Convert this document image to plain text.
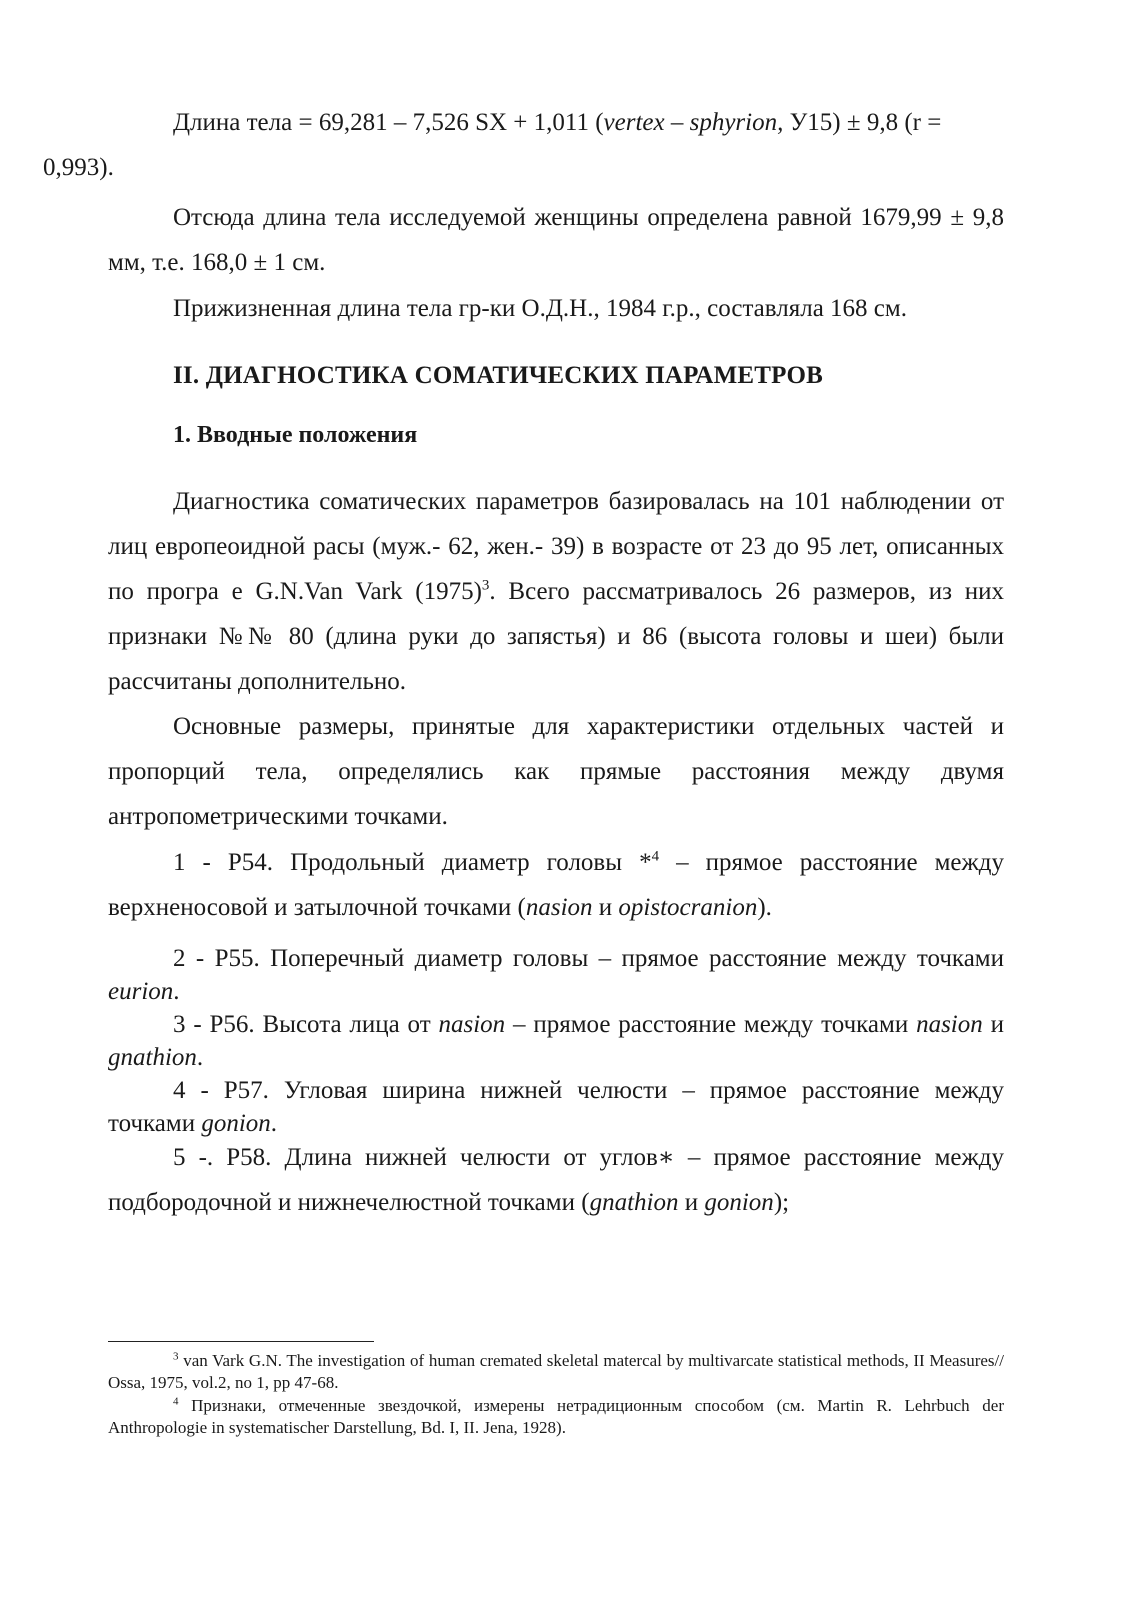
Длина тела = 69,281 – 7,526 SX + 1,011 (vertex – sphyrion, У15) ± 9,8 (r =
0,993).

Отсюда длина тела исследуемой женщины определена равной 1679,99 ± 9,8 мм, т.е. 168,0 ± 1 см.

Прижизненная длина тела гр-ки О.Д.Н., 1984 г.р., составляла 168 см.

II. ДИАГНОСТИКА СОМАТИЧЕСКИХ ПАРАМЕТРОВ
1. Вводные положения

Диагностика соматических параметров базировалась на 101 наблюдении от лиц европеоидной расы (муж.- 62, жен.- 39) в возрасте от 23 до 95 лет, описанных по програ е G.N.Van Vark $(1975)^3$. Всего рассматривалось 26 размеров, из них признаки №№ 80 (длина руки до запястья) и 86 (высота головы и шеи) были рассчитаны дополнительно.

Основные размеры, принятые для характеристики отдельных частей и пропорций тела, определялись как прямые расстояния между двумя антропометрическими точками.

1 - P54. Продольный диаметр головы *$^4$ – прямое расстояние между верхненосовой и затылочной точками (nasion и opistocranion).

2 - P55. Поперечный диаметр головы – прямое расстояние между точками eurion.

3 - P56. Высота лица от nasion – прямое расстояние между точками nasion и gnathion.

4 - P57. Угловая ширина нижней челюсти – прямое расстояние между точками gonion.

5 -. P58. Длина нижней челюсти от углов∗ – прямое расстояние между подбородочной и нижнечелюстной точками (gnathion и gonion);

$^3$ van Vark G.N. The investigation of human cremated skeletal matercal by multivarcate statistical methods, II Measures// Ossa, 1975, vol.2, no 1, pp 47-68.

$^4$ Признаки, отмеченные звездочкой, измерены нетрадиционным способом (см. Martin R. Lehrbuch der Anthropologie in systematischer Darstellung, Bd. I, II. Jena, 1928).
